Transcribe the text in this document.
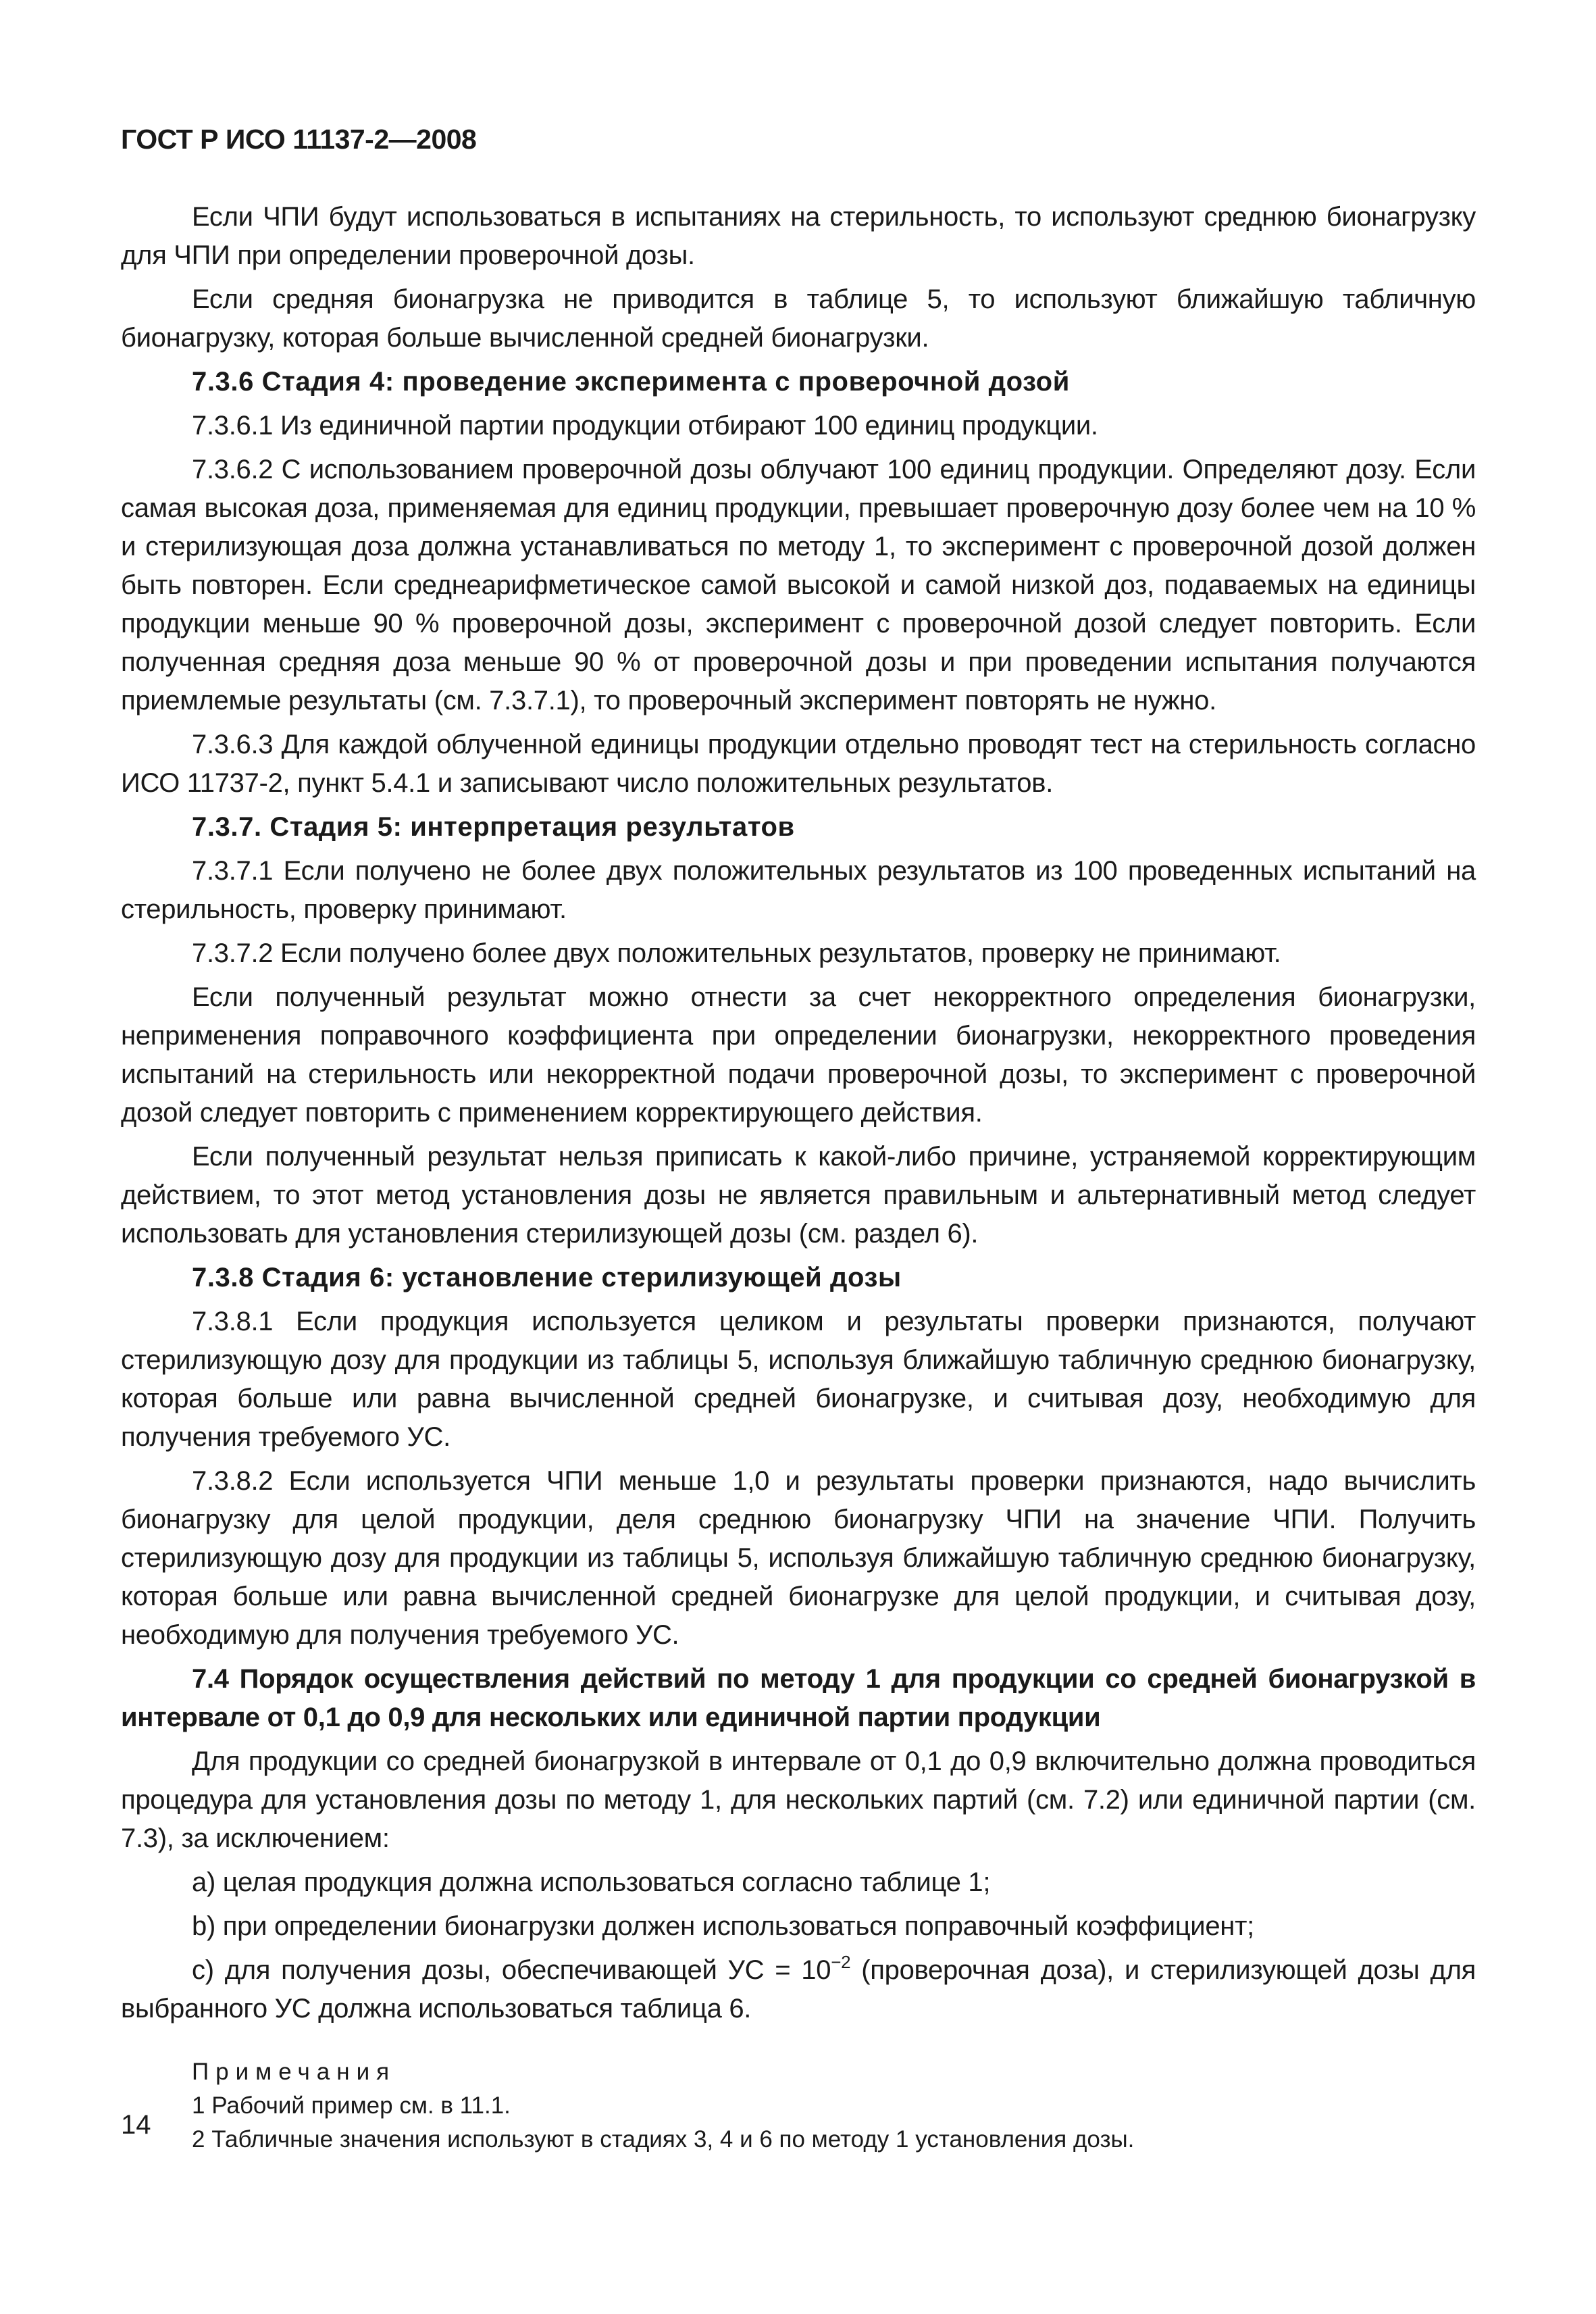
ГОСТ Р ИСО 11137-2—2008

Если ЧПИ будут использоваться в испытаниях на стерильность, то используют среднюю бионагрузку для ЧПИ при определении проверочной дозы.

Если средняя бионагрузка не приводится в таблице 5, то используют ближайшую табличную бионагрузку, которая больше вычисленной средней бионагрузки.

7.3.6 Стадия 4: проведение эксперимента с проверочной дозой

7.3.6.1 Из единичной партии продукции отбирают 100 единиц продукции.

7.3.6.2 С использованием проверочной дозы облучают 100 единиц продукции. Определяют дозу. Если самая высокая доза, применяемая для единиц продукции, превышает проверочную дозу более чем на 10 % и стерилизующая доза должна устанавливаться по методу 1, то эксперимент с проверочной дозой должен быть повторен. Если среднеарифметическое самой высокой и самой низкой доз, подаваемых на единицы продукции меньше 90 % проверочной дозы, эксперимент с проверочной дозой следует повторить. Если полученная средняя доза меньше 90 % от проверочной дозы и при проведении испытания получаются приемлемые результаты (см. 7.3.7.1), то проверочный эксперимент повторять не нужно.

7.3.6.3 Для каждой облученной единицы продукции отдельно проводят тест на стерильность согласно ИСО 11737-2, пункт 5.4.1 и записывают число положительных результатов.

7.3.7. Стадия 5: интерпретация результатов

7.3.7.1 Если получено не более двух положительных результатов из 100 проведенных испытаний на стерильность, проверку принимают.

7.3.7.2 Если получено более двух положительных результатов, проверку не принимают.

Если полученный результат можно отнести за счет некорректного определения бионагрузки, неприменения поправочного коэффициента при определении бионагрузки, некорректного проведения испытаний на стерильность или некорректной подачи проверочной дозы, то эксперимент с проверочной дозой следует повторить с применением корректирующего действия.

Если полученный результат нельзя приписать к какой-либо причине, устраняемой корректирующим действием, то этот метод установления дозы не является правильным и альтернативный метод следует использовать для установления стерилизующей дозы (см. раздел 6).

7.3.8 Стадия 6: установление стерилизующей дозы

7.3.8.1 Если продукция используется целиком и результаты проверки признаются, получают стерилизующую дозу для продукции из таблицы 5, используя ближайшую табличную среднюю бионагрузку, которая больше или равна вычисленной средней бионагрузке, и считывая дозу, необходимую для получения требуемого УС.

7.3.8.2 Если используется ЧПИ меньше 1,0 и результаты проверки признаются, надо вычислить бионагрузку для целой продукции, деля среднюю бионагрузку ЧПИ на значение ЧПИ. Получить стерилизующую дозу для продукции из таблицы 5, используя ближайшую табличную среднюю бионагрузку, которая больше или равна вычисленной средней бионагрузке для целой продукции, и считывая дозу, необходимую для получения требуемого УС.

7.4 Порядок осуществления действий по методу 1 для продукции со средней бионагрузкой в интервале от 0,1 до 0,9 для нескольких или единичной партии продукции

Для продукции со средней бионагрузкой в интервале от 0,1 до 0,9 включительно должна проводиться процедура для установления дозы по методу 1, для нескольких партий (см. 7.2) или единичной партии (см. 7.3), за исключением:

a) целая продукция должна использоваться согласно таблице 1;

b) при определении бионагрузки должен использоваться поправочный коэффициент;

c) для получения дозы, обеспечивающей УС = $10^{-2}$ (проверочная доза), и стерилизующей дозы для выбранного УС должна использоваться таблица 6.

Примечания
1 Рабочий пример см. в 11.1.
2 Табличные значения используют в стадиях 3, 4 и 6 по методу 1 установления дозы.
14
